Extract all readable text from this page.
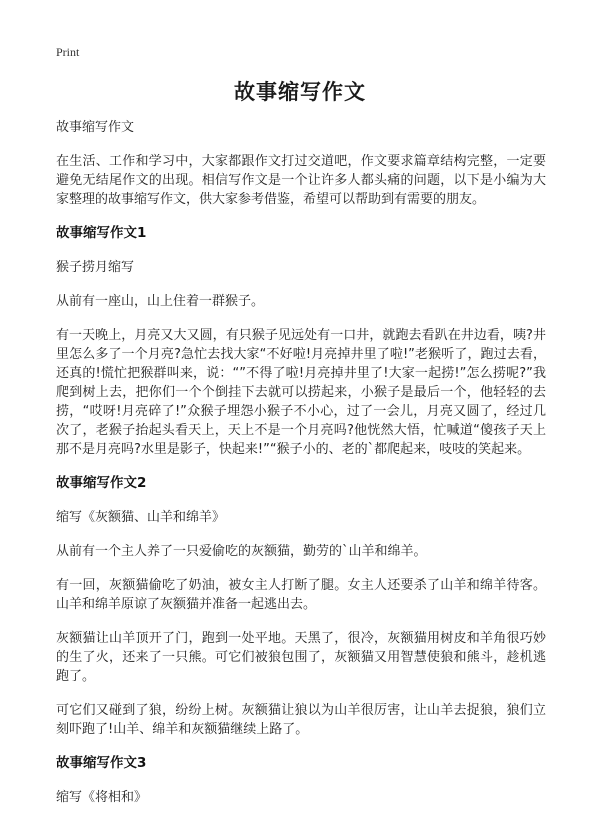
Print
故事缩写作文

故事缩写作文

在生活、工作和学习中，大家都跟作文打过交道吧，作文要求篇章结构完整，一定要避免无结尾作文的出现。相信写作文是一个让许多人都头痛的问题，以下是小编为大家整理的故事缩写作文，供大家参考借鉴，希望可以帮助到有需要的朋友。

故事缩写作文1

猴子捞月缩写

从前有一座山，山上住着一群猴子。

有一天晚上，月亮又大又圆，有只猴子见远处有一口井，就跑去看趴在井边看，咦?井里怎么多了一个月亮?急忙去找大家“不好啦!月亮掉井里了啦!”老猴听了，跑过去看，还真的!慌忙把猴群叫来，说：“”不得了啦!月亮掉井里了!大家一起捞!”怎么捞呢?”我爬到树上去，把你们一个个倒挂下去就可以捞起来，小猴子是最后一个，他轻轻的去捞，“哎呀!月亮碎了!”众猴子埋怨小猴子不小心，过了一会儿，月亮又圆了，经过几次了，老猴子抬起头看天上，天上不是一个月亮吗?他恍然大悟，忙喊道“傻孩子天上那不是月亮吗?水里是影子，快起来!”“猴子小的、老的`都爬起来，吱吱的笑起来。

故事缩写作文2

缩写《灰额猫、山羊和绵羊》

从前有一个主人养了一只爱偷吃的灰额猫，勤劳的`山羊和绵羊。

有一回，灰额猫偷吃了奶油，被女主人打断了腿。女主人还要杀了山羊和绵羊待客。山羊和绵羊原谅了灰额猫并准备一起逃出去。

灰额猫让山羊顶开了门，跑到一处平地。天黑了，很冷，灰额猫用树皮和羊角很巧妙的生了火，还来了一只熊。可它们被狼包围了，灰额猫又用智慧使狼和熊斗，趁机逃跑了。

可它们又碰到了狼，纷纷上树。灰额猫让狼以为山羊很厉害，让山羊去捉狼，狼们立刻吓跑了!山羊、绵羊和灰额猫继续上路了。

故事缩写作文3

缩写《将相和》
